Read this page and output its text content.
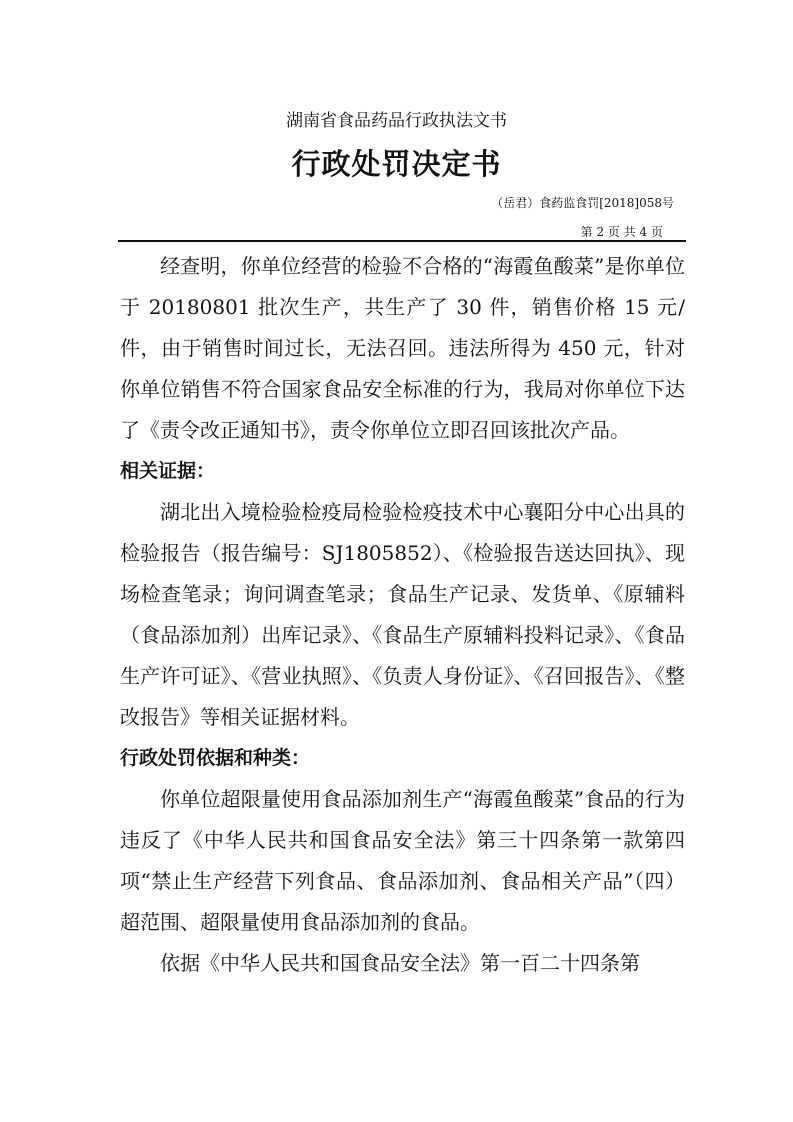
湖南省食品药品行政执法文书
行政处罚决定书
（岳君）食药监食罚[2018]058号
第 2 页 共 4 页

经查明，你单位经营的检验不合格的“海霞鱼酸菜”是你单位于 20180801 批次生产，共生产了 30 件，销售价格 15 元/件，由于销售时间过长，无法召回。违法所得为 450 元，针对你单位销售不符合国家食品安全标准的行为，我局对你单位下达了《责令改正通知书》，责令你单位立即召回该批次产品。

相关证据：

湖北出入境检验检疫局检验检疫技术中心襄阳分中心出具的检验报告（报告编号：SJ1805852）、《检验报告送达回执》、现场检查笔录；询问调查笔录；食品生产记录、发货单、《原辅料（食品添加剂）出库记录》、《食品生产原辅料投料记录》、《食品生产许可证》、《营业执照》、《负责人身份证》、《召回报告》、《整改报告》等相关证据材料。

行政处罚依据和种类：

你单位超限量使用食品添加剂生产“海霞鱼酸菜”食品的行为违反了《中华人民共和国食品安全法》第三十四条第一款第四项“禁止生产经营下列食品、食品添加剂、食品相关产品”（四）超范围、超限量使用食品添加剂的食品。

依据《中华人民共和国食品安全法》第一百二十四条第
